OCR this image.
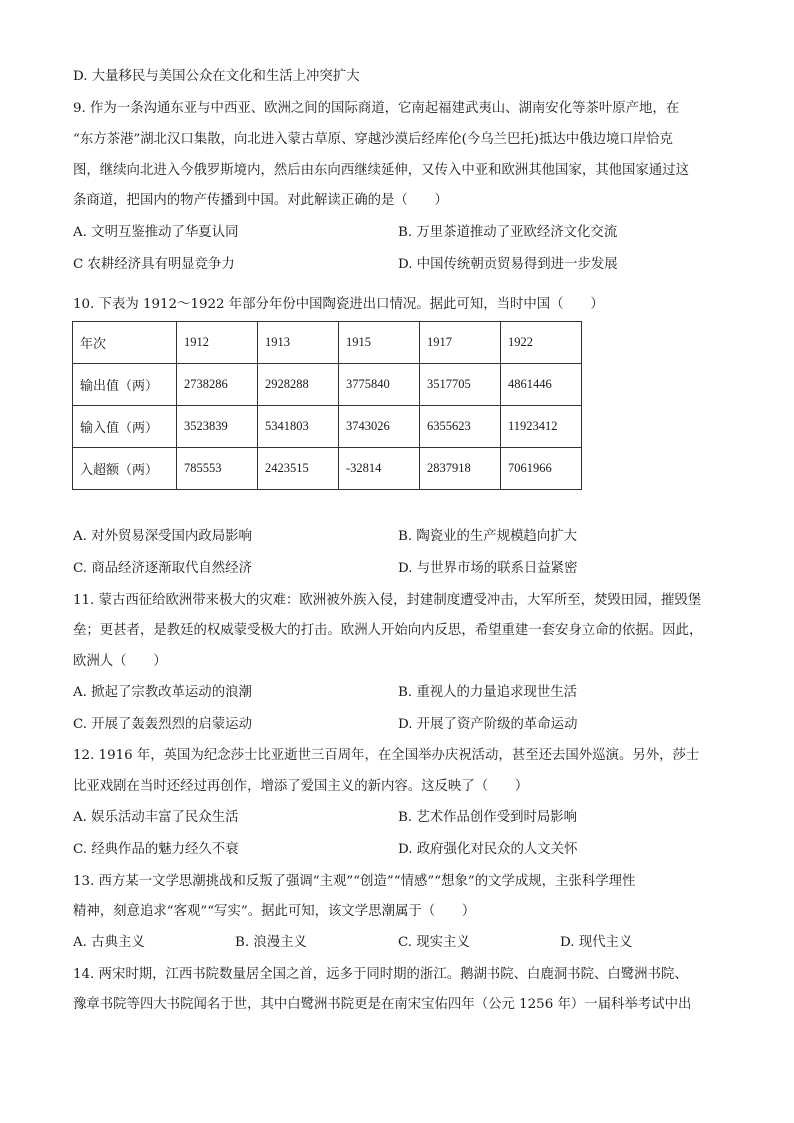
D. 大量移民与美国公众在文化和生活上冲突扩大
9. 作为一条沟通东亚与中西亚、欧洲之间的国际商道，它南起福建武夷山、湖南安化等茶叶原产地，在
“东方茶港”湖北汉口集散，向北进入蒙古草原、穿越沙漠后经库伦(今乌兰巴托)抵达中俄边境口岸恰克
图，继续向北进入今俄罗斯境内，然后由东向西继续延伸，又传入中亚和欧洲其他国家，其他国家通过这
条商道，把国内的物产传播到中国。对此解读正确的是（　　）
A. 文明互鉴推动了华夏认同	B. 万里茶道推动了亚欧经济文化交流
C 农耕经济具有明显竞争力	D. 中国传统朝贡贸易得到进一步发展
10. 下表为 1912～1922 年部分年份中国陶瓷进出口情况。据此可知，当时中国（　　）
年次	1912	1913	1915	1917	1922
输出值（两）	2738286	2928288	3775840	3517705	4861446
输入值（两）	3523839	5341803	3743026	6355623	11923412
入超额（两）	785553	2423515	-32814	2837918	7061966
A. 对外贸易深受国内政局影响	B. 陶瓷业的生产规模趋向扩大
C. 商品经济逐渐取代自然经济	D. 与世界市场的联系日益紧密
11. 蒙古西征给欧洲带来极大的灾难：欧洲被外族入侵，封建制度遭受冲击，大军所至，焚毁田园，摧毁堡
垒；更甚者，是教廷的权威蒙受极大的打击。欧洲人开始向内反思，希望重建一套安身立命的依据。因此，
欧洲人（　　）
A. 掀起了宗教改革运动的浪潮	B. 重视人的力量追求现世生活
C. 开展了轰轰烈烈的启蒙运动	D. 开展了资产阶级的革命运动
12. 1916 年，英国为纪念莎士比亚逝世三百周年，在全国举办庆祝活动，甚至还去国外巡演。另外，莎士
比亚戏剧在当时还经过再创作，增添了爱国主义的新内容。这反映了（　　）
A. 娱乐活动丰富了民众生活	B. 艺术作品创作受到时局影响
C. 经典作品的魅力经久不衰	D. 政府强化对民众的人文关怀
13. 西方某一文学思潮挑战和反叛了强调“主观”“创造”“情感”“想象”的文学成规，主张科学理性
精神，刻意追求“客观”“写实”。据此可知，该文学思潮属于（　　）
A. 古典主义	B. 浪漫主义	C. 现实主义	D. 现代主义
14. 两宋时期，江西书院数量居全国之首，远多于同时期的浙江。鹅湖书院、白鹿洞书院、白鹭洲书院、
豫章书院等四大书院闻名于世，其中白鹭洲书院更是在南宋宝佑四年（公元 1256 年）一届科举考试中出
